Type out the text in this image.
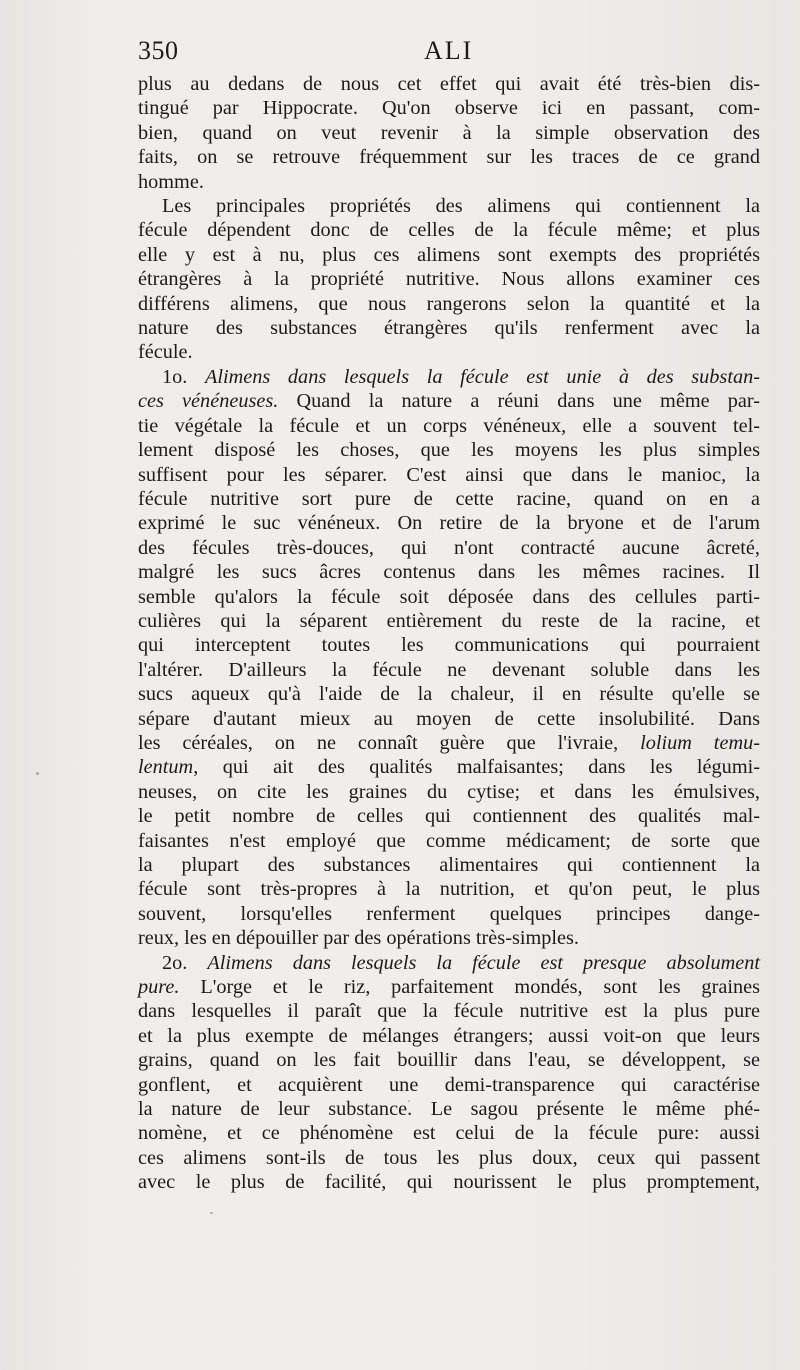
350	ALI
plus au dedans de nous cet effet qui avait été très-bien dis-
tingué par Hippocrate. Qu'on observe ici en passant, com-
bien, quand on veut revenir à la simple observation des
faits, on se retrouve fréquemment sur les traces de ce grand
homme.
Les principales propriétés des alimens qui contiennent la
fécule dépendent donc de celles de la fécule même; et plus
elle y est à nu, plus ces alimens sont exempts des propriétés
étrangères à la propriété nutritive. Nous allons examiner ces
différens alimens, que nous rangerons selon la quantité et la
nature des substances étrangères qu'ils renferment avec la
fécule.
1o. Alimens dans lesquels la fécule est unie à des substan-
ces vénéneuses. Quand la nature a réuni dans une même par-
tie végétale la fécule et un corps vénéneux, elle a souvent tel-
lement disposé les choses, que les moyens les plus simples
suffisent pour les séparer. C'est ainsi que dans le manioc, la
fécule nutritive sort pure de cette racine, quand on en a
exprimé le suc vénéneux. On retire de la bryone et de l'arum
des fécules très-douces, qui n'ont contracté aucune âcreté,
malgré les sucs âcres contenus dans les mêmes racines. Il
semble qu'alors la fécule soit déposée dans des cellules parti-
culières qui la séparent entièrement du reste de la racine, et
qui interceptent toutes les communications qui pourraient
l'altérer. D'ailleurs la fécule ne devenant soluble dans les
sucs aqueux qu'à l'aide de la chaleur, il en résulte qu'elle se
sépare d'autant mieux au moyen de cette insolubilité. Dans
les céréales, on ne connaît guère que l'ivraie, lolium temu-
lentum, qui ait des qualités malfaisantes; dans les légumi-
neuses, on cite les graines du cytise; et dans les émulsives,
le petit nombre de celles qui contiennent des qualités mal-
faisantes n'est employé que comme médicament; de sorte que
la plupart des substances alimentaires qui contiennent la
fécule sont très-propres à la nutrition, et qu'on peut, le plus
souvent, lorsqu'elles renferment quelques principes dange-
reux, les en dépouiller par des opérations très-simples.
2o. Alimens dans lesquels la fécule est presque absolument
pure. L'orge et le riz, parfaitement mondés, sont les graines
dans lesquelles il paraît que la fécule nutritive est la plus pure
et la plus exempte de mélanges étrangers; aussi voit-on que leurs
grains, quand on les fait bouillir dans l'eau, se développent, se
gonflent, et acquièrent une demi-transparence qui caractérise
la nature de leur substance. Le sagou présente le même phé-
nomène, et ce phénomène est celui de la fécule pure: aussi
ces alimens sont-ils de tous les plus doux, ceux qui passent
avec le plus de facilité, qui nourissent le plus promptement,
